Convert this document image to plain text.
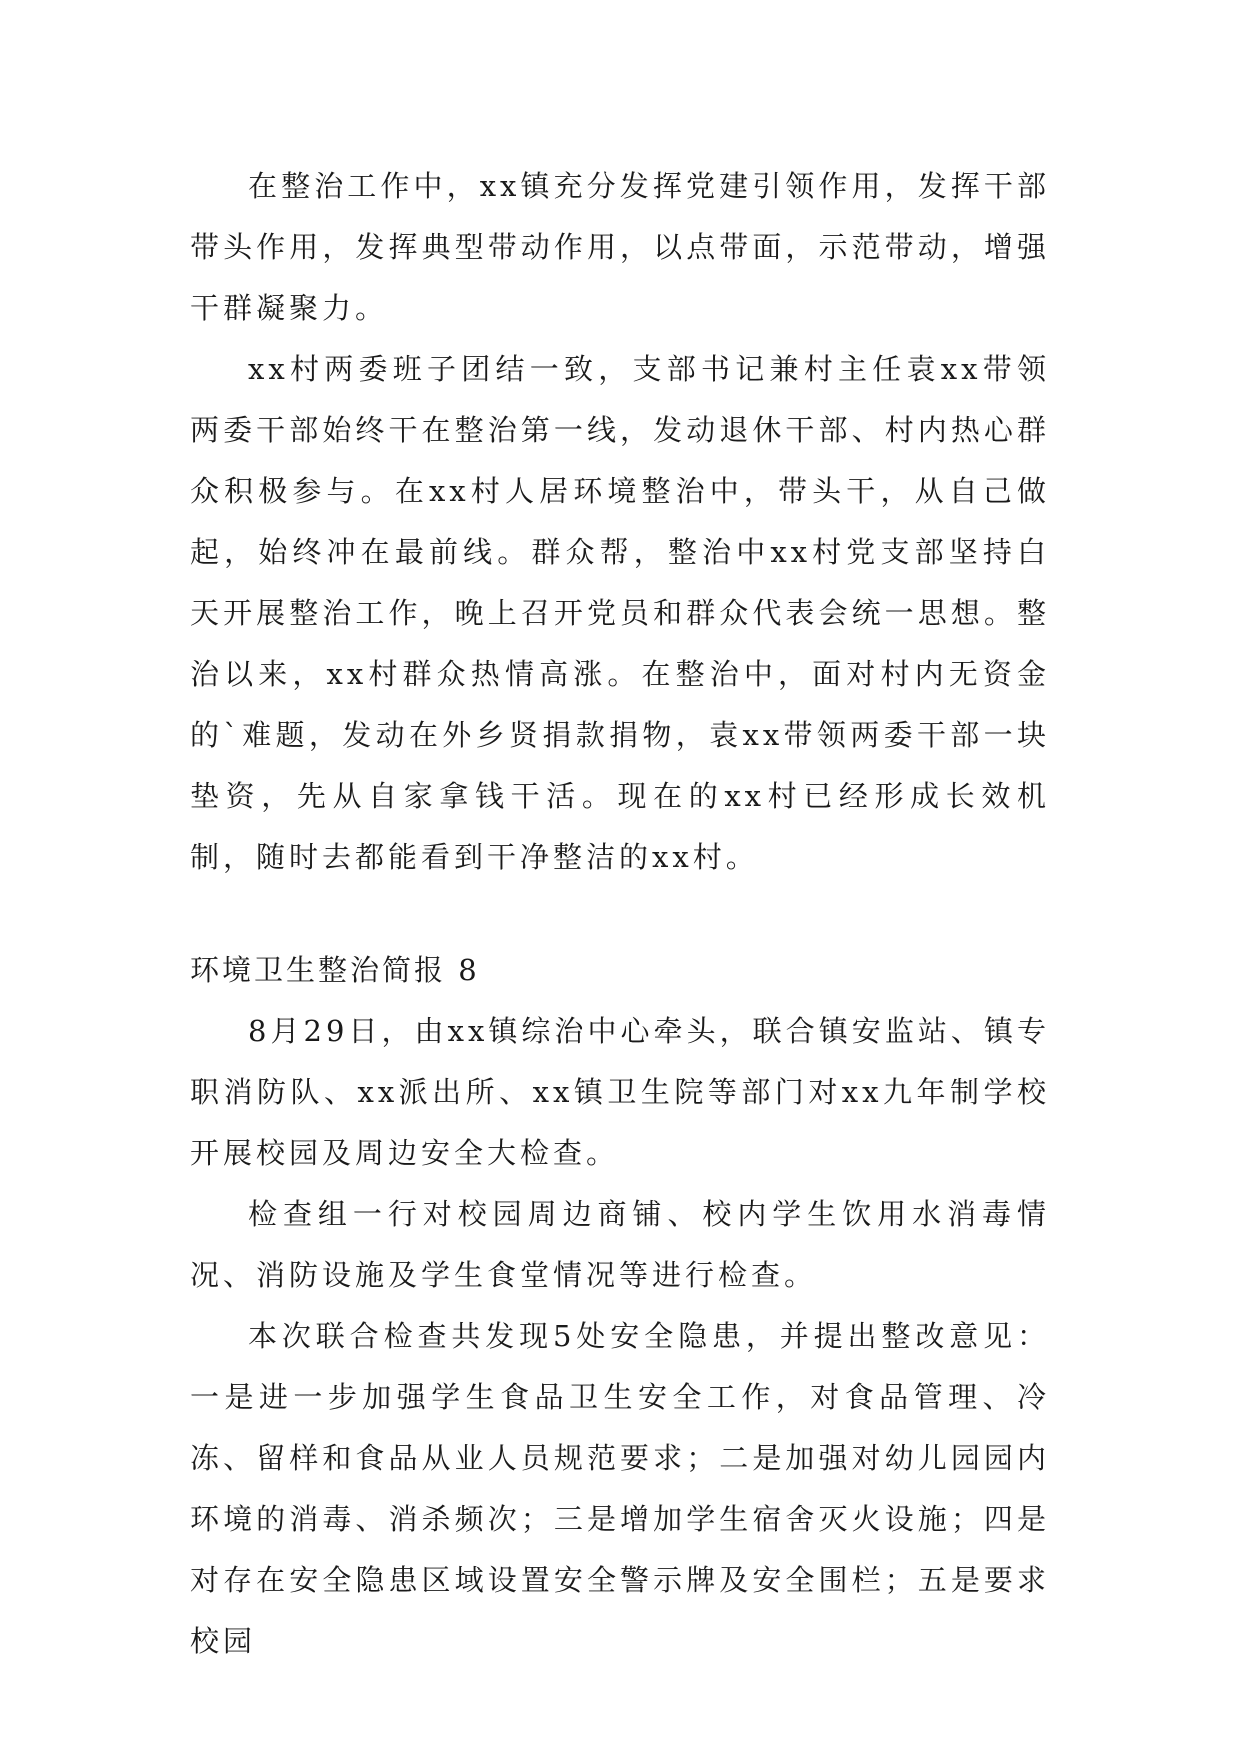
在整治工作中，xx镇充分发挥党建引领作用，发挥干部带头作用，发挥典型带动作用，以点带面，示范带动，增强干群凝聚力。

xx村两委班子团结一致，支部书记兼村主任袁xx带领两委干部始终干在整治第一线，发动退休干部、村内热心群众积极参与。在xx村人居环境整治中，带头干，从自己做起，始终冲在最前线。群众帮，整治中xx村党支部坚持白天开展整治工作，晚上召开党员和群众代表会统一思想。整治以来，xx村群众热情高涨。在整治中，面对村内无资金的`难题，发动在外乡贤捐款捐物，袁xx带领两委干部一块垫资，先从自家拿钱干活。现在的xx村已经形成长效机制，随时去都能看到干净整洁的xx村。

环境卫生整治简报 8

8月29日，由xx镇综治中心牵头，联合镇安监站、镇专职消防队、xx派出所、xx镇卫生院等部门对xx九年制学校开展校园及周边安全大检查。

检查组一行对校园周边商铺、校内学生饮用水消毒情况、消防设施及学生食堂情况等进行检查。

本次联合检查共发现5处安全隐患，并提出整改意见：一是进一步加强学生食品卫生安全工作，对食品管理、冷冻、留样和食品从业人员规范要求；二是加强对幼儿园园内环境的消毒、消杀频次；三是增加学生宿舍灭火设施；四是对存在安全隐患区域设置安全警示牌及安全围栏；五是要求校园
